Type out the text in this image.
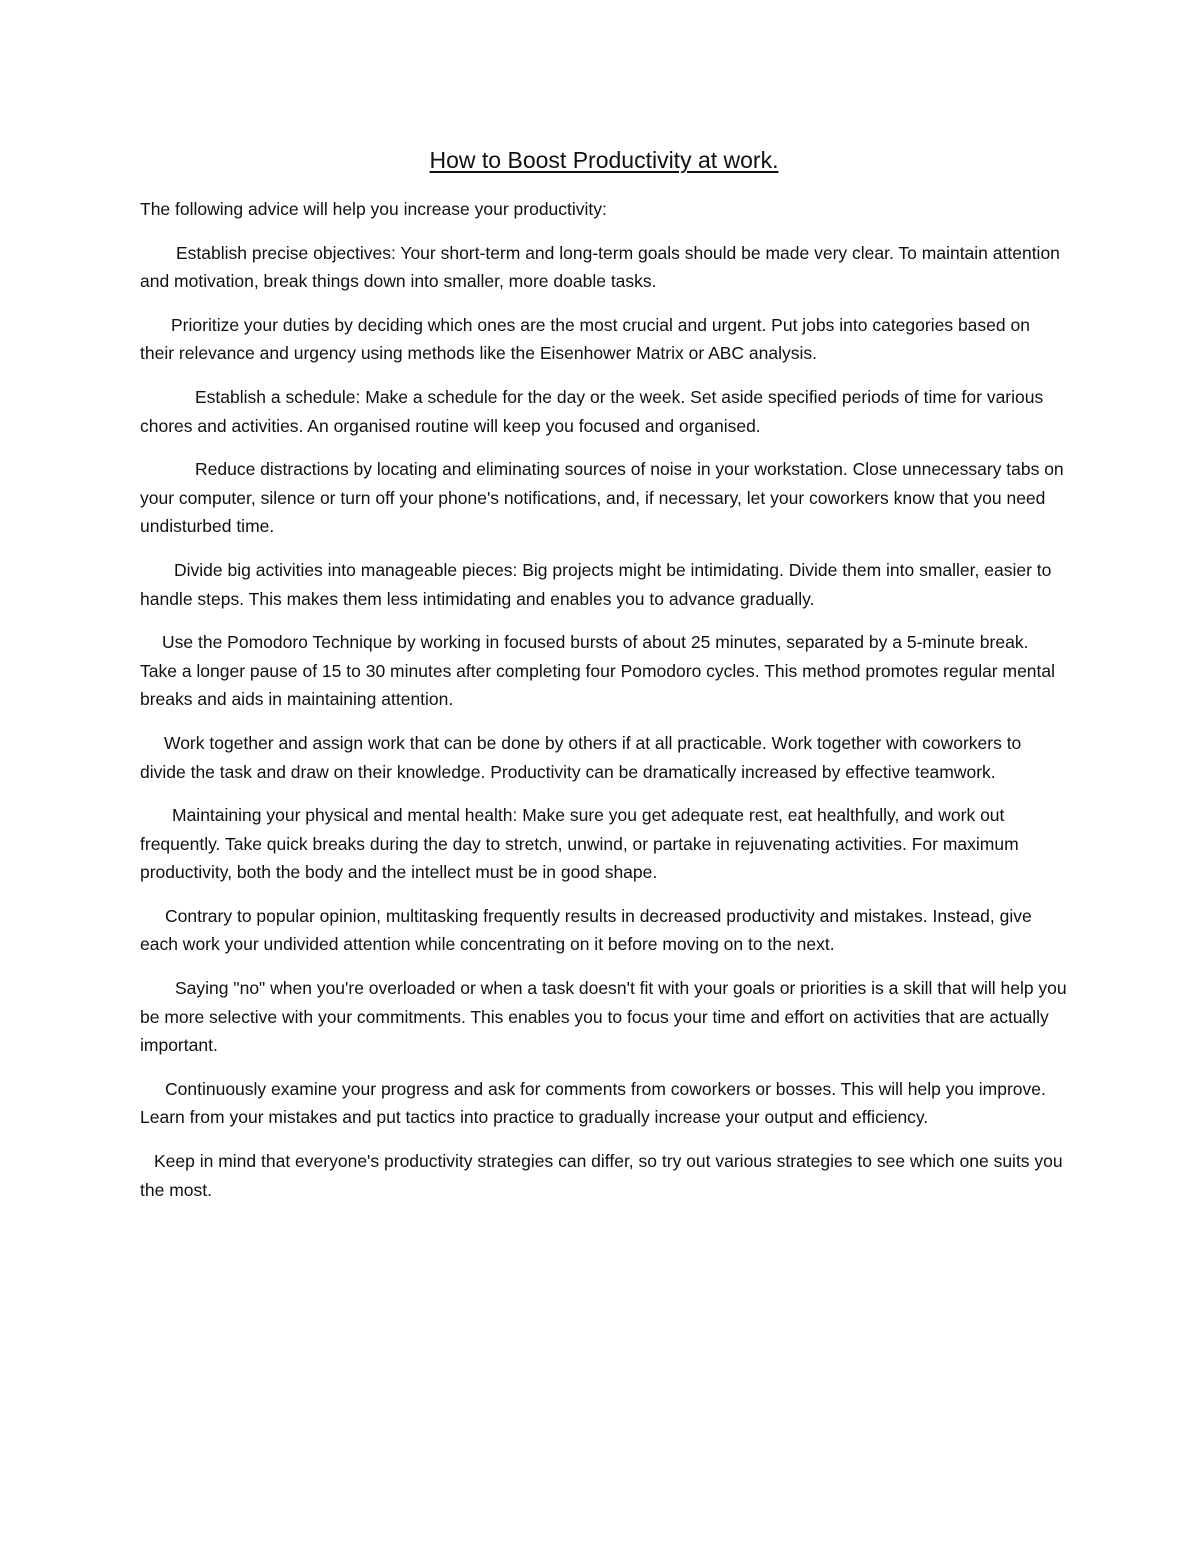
How to Boost Productivity at work.

The following advice will help you increase your productivity:

Establish precise objectives: Your short-term and long-term goals should be made very clear. To maintain attention and motivation, break things down into smaller, more doable tasks.

Prioritize your duties by deciding which ones are the most crucial and urgent. Put jobs into categories based on their relevance and urgency using methods like the Eisenhower Matrix or ABC analysis.

Establish a schedule: Make a schedule for the day or the week. Set aside specified periods of time for various chores and activities. An organised routine will keep you focused and organised.

Reduce distractions by locating and eliminating sources of noise in your workstation. Close unnecessary tabs on your computer, silence or turn off your phone's notifications, and, if necessary, let your coworkers know that you need undisturbed time.

Divide big activities into manageable pieces: Big projects might be intimidating. Divide them into smaller, easier to handle steps. This makes them less intimidating and enables you to advance gradually.

Use the Pomodoro Technique by working in focused bursts of about 25 minutes, separated by a 5-minute break. Take a longer pause of 15 to 30 minutes after completing four Pomodoro cycles. This method promotes regular mental breaks and aids in maintaining attention.

Work together and assign work that can be done by others if at all practicable. Work together with coworkers to divide the task and draw on their knowledge. Productivity can be dramatically increased by effective teamwork.

Maintaining your physical and mental health: Make sure you get adequate rest, eat healthfully, and work out frequently. Take quick breaks during the day to stretch, unwind, or partake in rejuvenating activities. For maximum productivity, both the body and the intellect must be in good shape.

Contrary to popular opinion, multitasking frequently results in decreased productivity and mistakes. Instead, give each work your undivided attention while concentrating on it before moving on to the next.

Saying "no" when you're overloaded or when a task doesn't fit with your goals or priorities is a skill that will help you be more selective with your commitments. This enables you to focus your time and effort on activities that are actually important.

Continuously examine your progress and ask for comments from coworkers or bosses. This will help you improve. Learn from your mistakes and put tactics into practice to gradually increase your output and efficiency.

Keep in mind that everyone's productivity strategies can differ, so try out various strategies to see which one suits you the most.
